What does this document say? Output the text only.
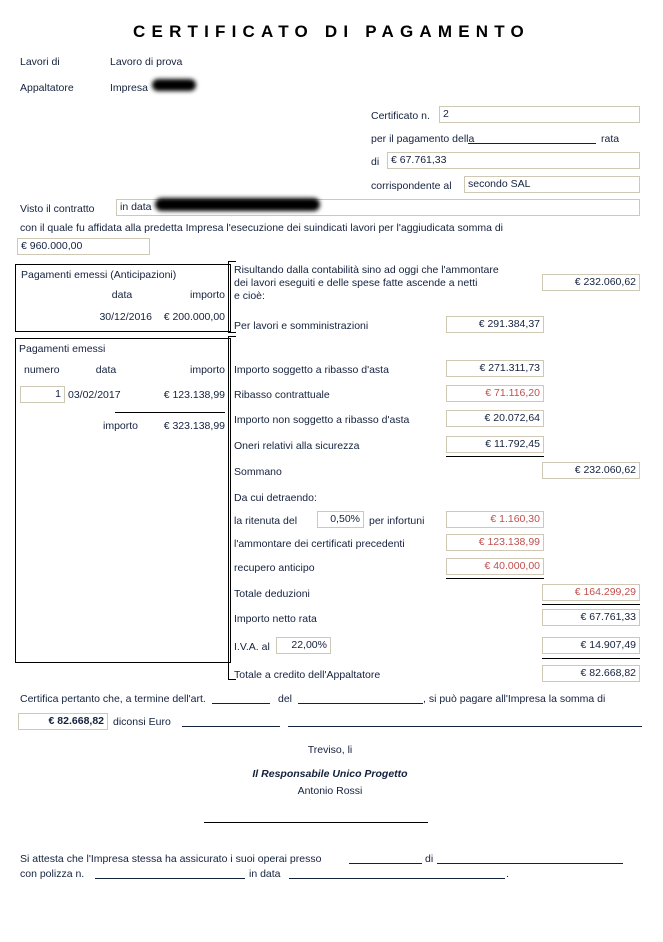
CERTIFICATO DI PAGAMENTO
Lavori di	Lavoro di prova
Appaltatore	Impresa
Certificato n.	2
per il pagamento della	rata
di	€ 67.761,33
corrispondente al	secondo SAL
Visto il contratto	in data
con il quale fu affidata alla predetta Impresa l'esecuzione dei suindicati lavori per l'aggiudicata somma di
€ 960.000,00
Pagamenti emessi (Anticipazioni)
data	importo
30/12/2016	€ 200.000,00
Pagamenti emessi
numero	data	importo
1 03/02/2017	€ 123.138,99
importo	€ 323.138,99
Risultando dalla contabilità sino ad oggi che l'ammontare
dei lavori eseguiti e delle spese fatte ascende a netti
e cioè:
€ 232.060,62
Per lavori e somministrazioni	€ 291.384,37
Importo soggetto a ribasso d'asta	€ 271.311,73
Ribasso contrattuale	€ 71.116,20
Importo non soggetto a ribasso d'asta	€ 20.072,64
Oneri relativi alla sicurezza	€ 11.792,45
Sommano	€ 232.060,62
Da cui detraendo:
la ritenuta del	0,50% per infortuni	€ 1.160,30
l'ammontare dei certificati precedenti	€ 123.138,99
recupero anticipo	€ 40.000,00
Totale deduzioni	€ 164.299,29
Importo netto rata	€ 67.761,33
I.V.A. al	22,00%	€ 14.907,49
Totale a credito dell'Appaltatore	€ 82.668,82
Certifica pertanto che, a termine dell'art.	del	, si può pagare all'Impresa la somma di
€ 82.668,82 diconsi Euro
Treviso, li
Il Responsabile Unico Progetto
Antonio Rossi
Si attesta che l'Impresa stessa ha assicurato i suoi operai presso	di
con polizza n.	in data	.
